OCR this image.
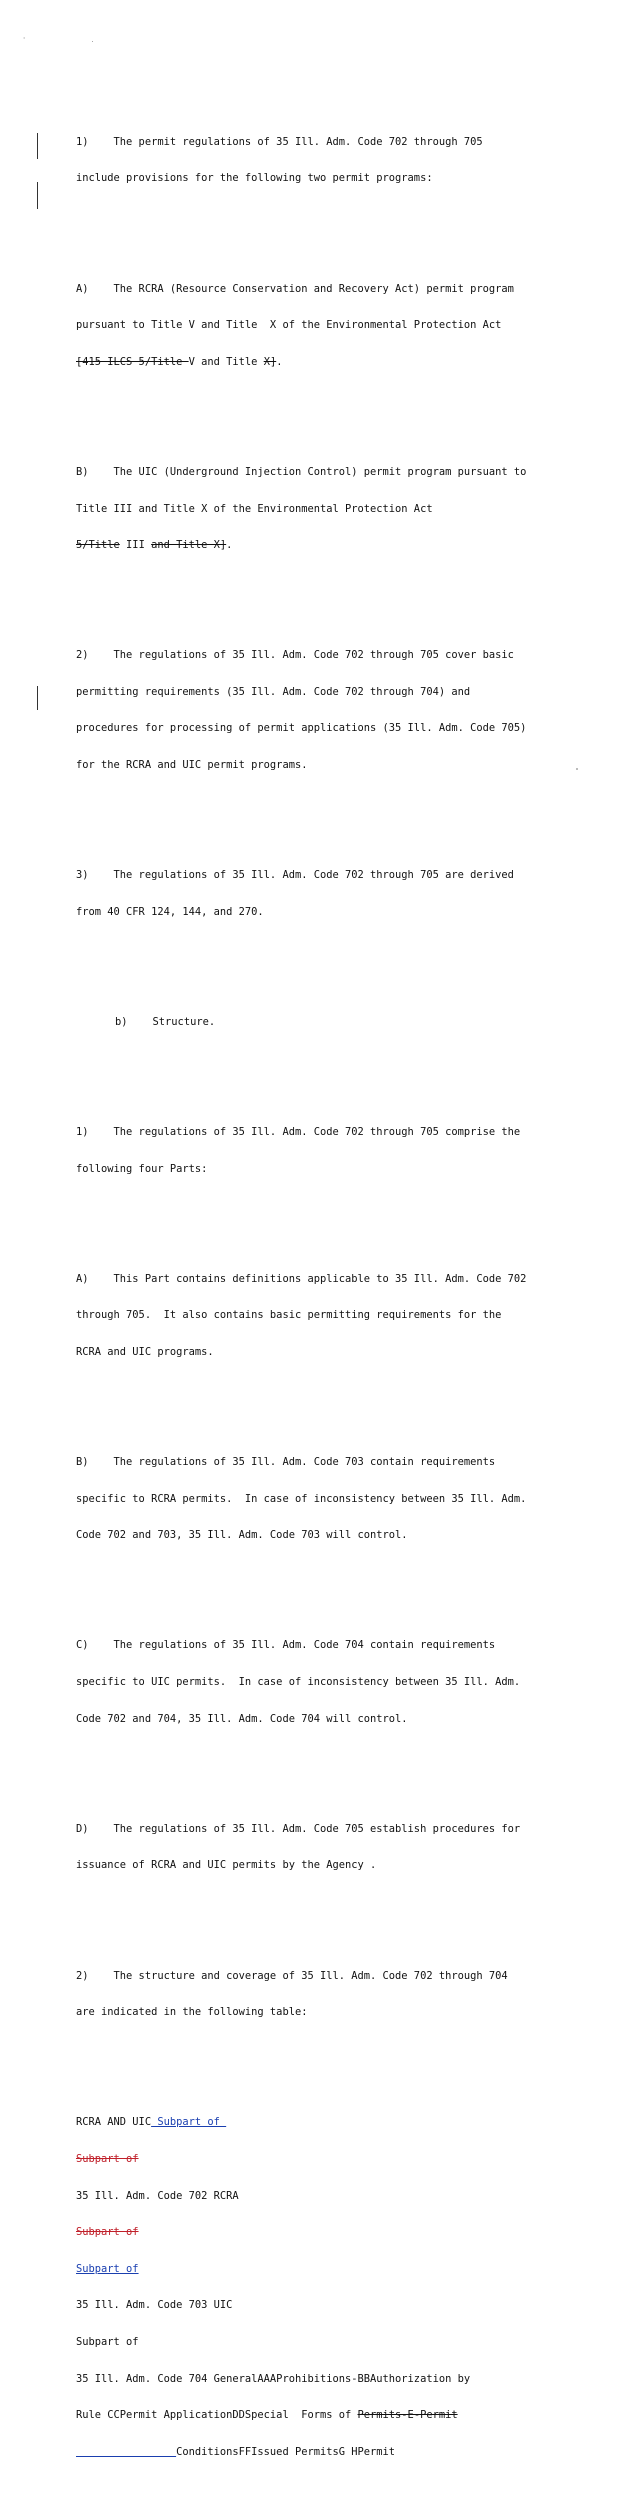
' .

1)    The permit regulations of 35 Ill. Adm. Code 702 through 705

include provisions for the following two permit programs:

A)    The RCRA (Resource Conservation and Recovery Act) permit program

pursuant to Title V and Title  X of the Environmental Protection Act

[415 ILCS 5/Title V and Title X].

B)    The UIC (Underground Injection Control) permit program pursuant to

Title III and Title X of the Environmental Protection Act

5/Title III and Title X].

2)    The regulations of 35 Ill. Adm. Code 702 through 705 cover basic

permitting requirements (35 Ill. Adm. Code 702 through 704) and

procedures for processing of permit applications (35 Ill. Adm. Code 705)

for the RCRA and UIC permit programs.

3)    The regulations of 35 Ill. Adm. Code 702 through 705 are derived

from 40 CFR 124, 144, and 270.

b)    Structure.

1)    The regulations of 35 Ill. Adm. Code 702 through 705 comprise the

following four Parts:

A)    This Part contains definitions applicable to 35 Ill. Adm. Code 702

through 705.  It also contains basic permitting requirements for the

RCRA and UIC programs.

B)    The regulations of 35 Ill. Adm. Code 703 contain requirements

specific to RCRA permits.  In case of inconsistency between 35 Ill. Adm.

Code 702 and 703, 35 Ill. Adm. Code 703 will control.

C)    The regulations of 35 Ill. Adm. Code 704 contain requirements

specific to UIC permits.  In case of inconsistency between 35 Ill. Adm.

Code 702 and 704, 35 Ill. Adm. Code 704 will control.

D)    The regulations of 35 Ill. Adm. Code 705 establish procedures for

issuance of RCRA and UIC permits by the Agency .

2)    The structure and coverage of 35 Ill. Adm. Code 702 through 704

are indicated in the following table:

RCRA AND UIC Subpart of

Subpart of

35 Ill. Adm. Code 702 RCRA

Subpart of

Subpart of

35 Ill. Adm. Code 703 UIC

Subpart of

35 Ill. Adm. Code 704 GeneralAAAProhibitions-BBAuthorization by

Rule CCPermit ApplicationDDSpecial  Forms of Permits-E-Permit

ConditionsFFIssued PermitsG HPermit
